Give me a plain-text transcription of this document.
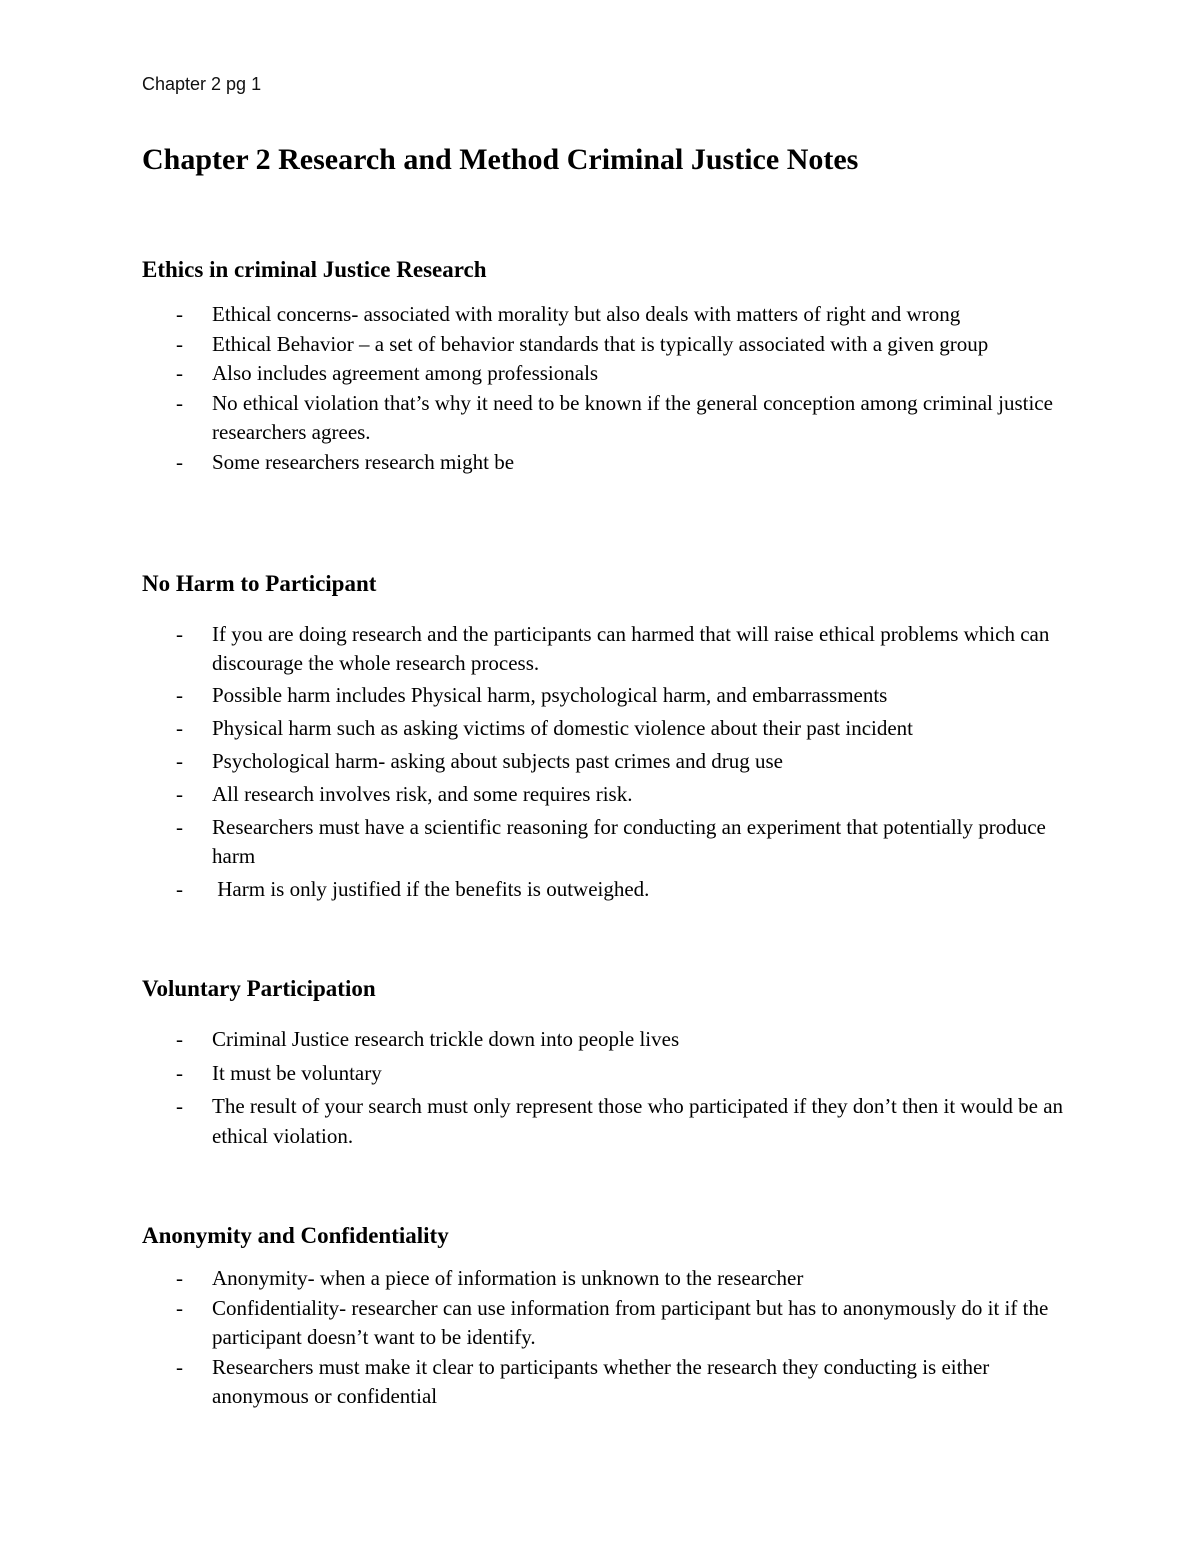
Chapter 2 pg 1
Chapter 2 Research and Method Criminal Justice Notes
Ethics in criminal Justice Research
- Ethical concerns- associated with morality but also deals with matters of right and wrong
- Ethical Behavior – a set of behavior standards that is typically associated with a given group
- Also includes agreement among professionals
- No ethical violation that’s why it need to be known if the general conception among criminal justice researchers agrees.
- Some researchers research might be
No Harm to Participant
- If you are doing research and the participants can harmed that will raise ethical problems which can discourage the whole research process.
- Possible harm includes Physical harm, psychological harm, and embarrassments
- Physical harm such as asking victims of domestic violence about their past incident
- Psychological harm- asking about subjects past crimes and drug use
- All research involves risk, and some requires risk.
- Researchers must have a scientific reasoning for conducting an experiment that potentially produce harm
- Harm is only justified if the benefits is outweighed.
Voluntary Participation
- Criminal Justice research trickle down into people lives
- It must be voluntary
- The result of your search must only represent those who participated if they don’t then it would be an ethical violation.
Anonymity and Confidentiality
- Anonymity- when a piece of information is unknown to the researcher
- Confidentiality- researcher can use information from participant but has to anonymously do it if the participant doesn’t want to be identify.
- Researchers must make it clear to participants whether the research they conducting is either anonymous or confidential
